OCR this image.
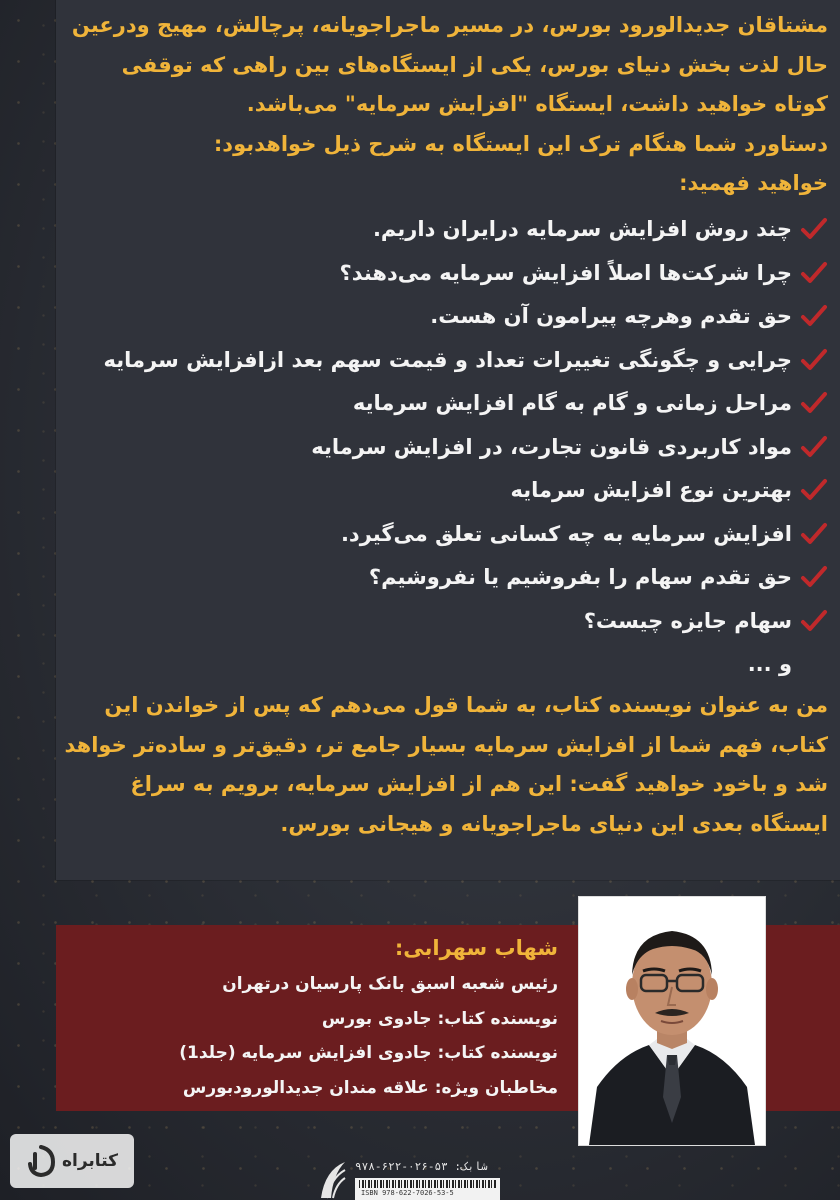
مشتاقان جدیدالورود بورس، در مسیر ماجراجویانه، پرچالش، مهیج ودرعین

حال لذت بخش دنیای بورس، یکی از ایستگاه‌های بین راهی که توقفی

کوتاه خواهید داشت، ایستگاه "افزایش سرمایه" می‌باشد.

دستاورد شما هنگام ترک این ایستگاه به شرح ذیل خواهدبود:

خواهید فهمید:

چند روش افزایش سرمایه درایران داریم.
چرا شرکت‌ها اصلاً افزایش سرمایه می‌دهند؟
حق تقدم وهرچه پیرامون آن هست.
چرایی و چگونگی تغییرات تعداد و قیمت سهم بعد ازافزایش سرمایه
مراحل زمانی و گام به گام افزایش سرمایه
مواد کاربردی قانون تجارت، در افزایش سرمایه
بهترین نوع افزایش سرمایه
افزایش سرمایه به چه کسانی تعلق می‌گیرد.
حق تقدم سهام را بفروشیم یا نفروشیم؟
سهام جایزه چیست؟
و ...

من به عنوان نویسنده کتاب، به شما قول می‌دهم که پس از خواندن این

کتاب، فهم شما از افزایش سرمایه بسیار جامع تر، دقیق‌تر و ساده‌تر خواهد

شد و باخود خواهید گفت: این هم از افزایش سرمایه، برویم به سراغ

ایستگاه بعدی این دنیای ماجراجویانه و هیجانی بورس.

شهاب سهرابی:

رئیس شعبه اسبق بانک پارسیان درتهران

نویسنده کتاب: جادوی بورس

نویسنده کتاب: جادوی افزایش سرمایه (جلد1)

مخاطبان ویژه: علاقه مندان جدیدالورودبورس

کتابراه	شابک: ۵۳-۰۲۶-۶۲۲-۹۷۸
ISBN 978-622-7026-53-5
